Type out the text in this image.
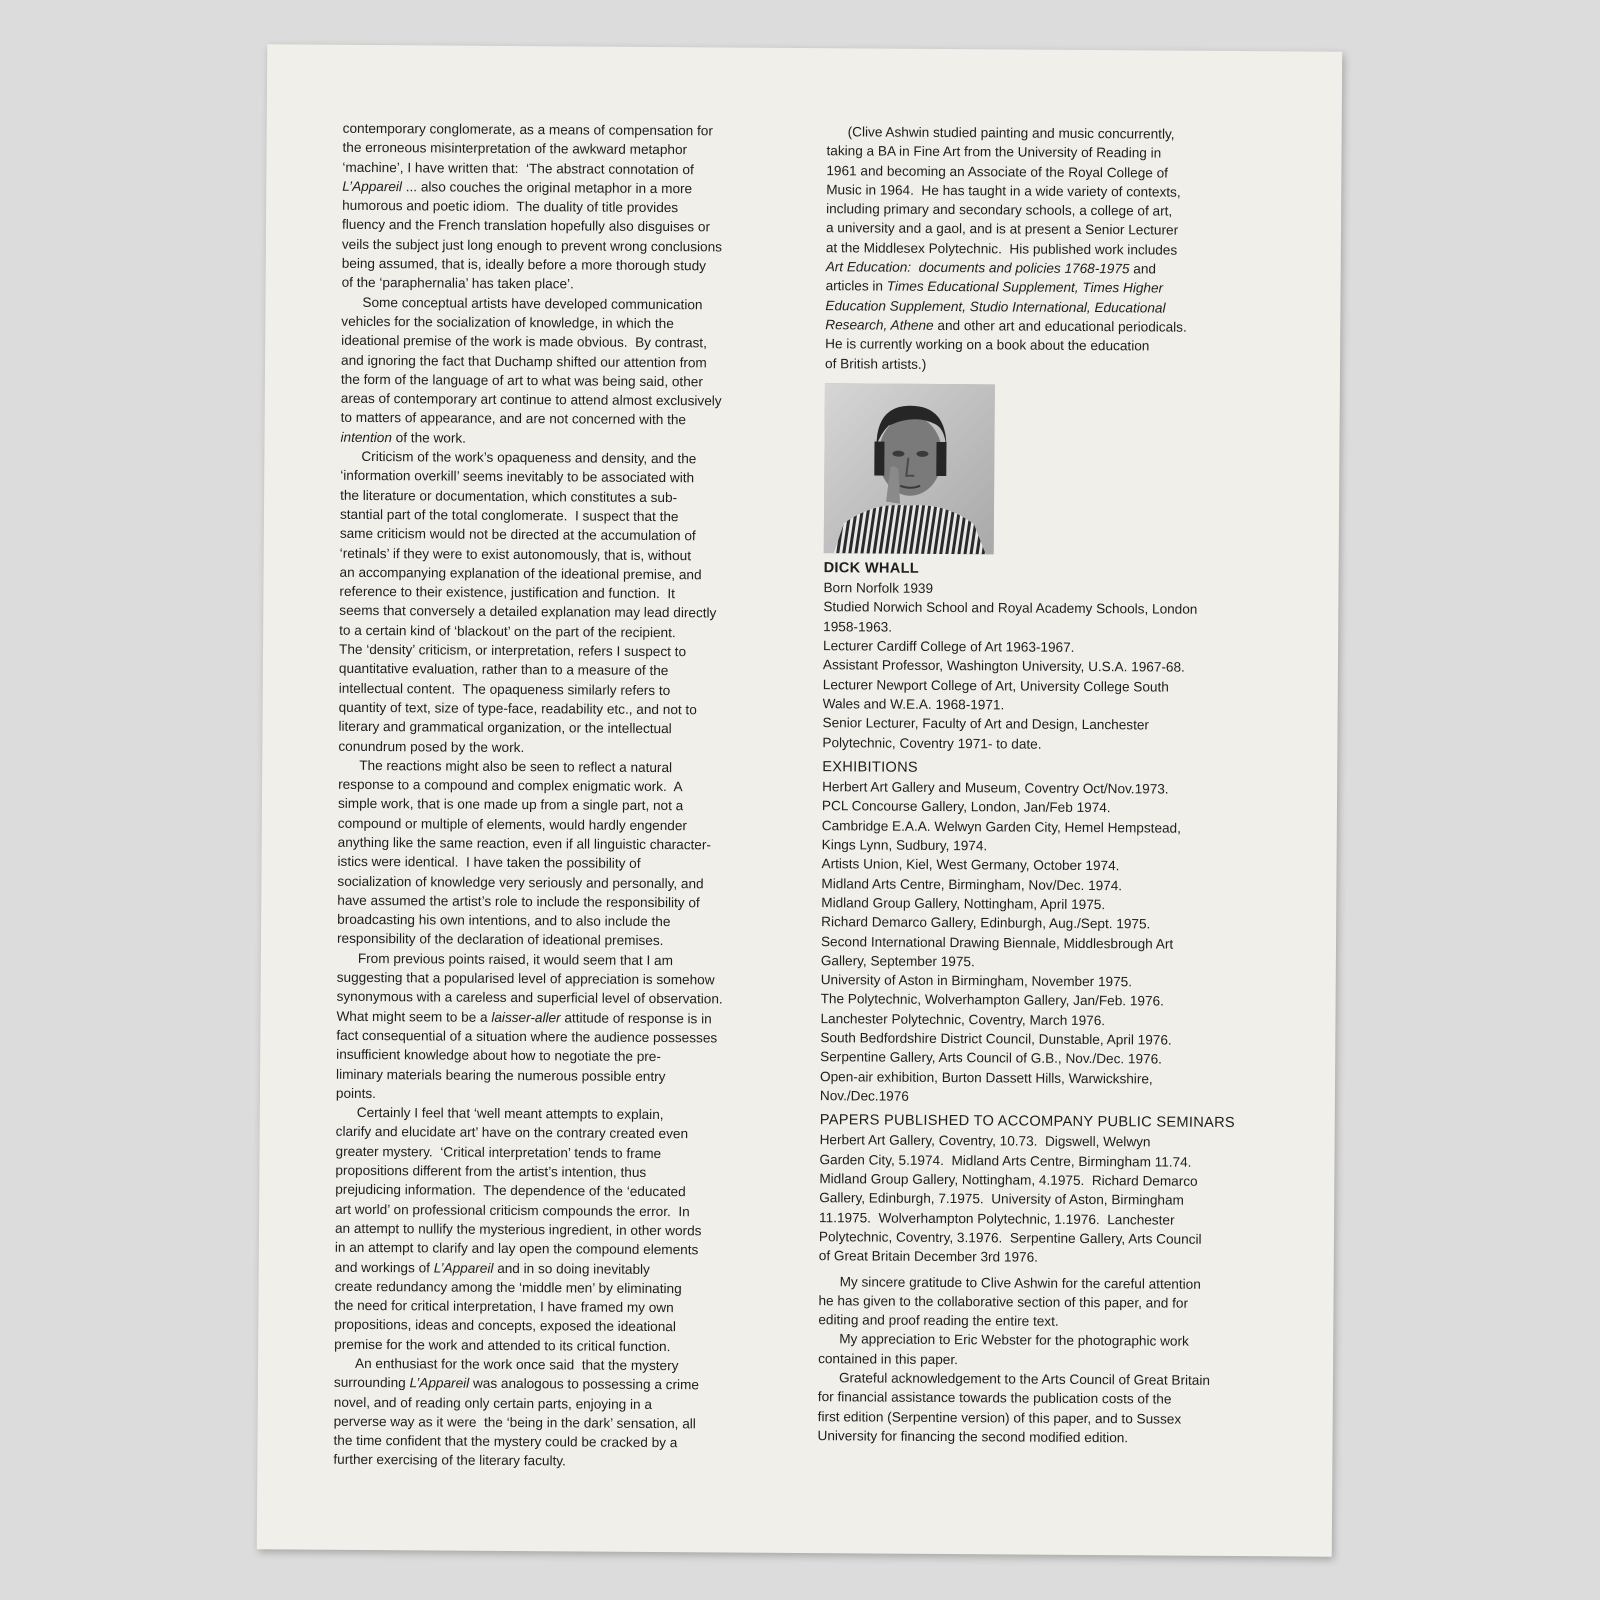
contemporary conglomerate, as a means of compensation for
the erroneous misinterpretation of the awkward metaphor
‘machine’, I have written that:  ‘The abstract connotation of
L’Appareil ... also couches the original metaphor in a more
humorous and poetic idiom.  The duality of title provides
fluency and the French translation hopefully also disguises or
veils the subject just long enough to prevent wrong conclusions
being assumed, that is, ideally before a more thorough study
of the ‘paraphernalia’ has taken place’.
Some conceptual artists have developed communication
vehicles for the socialization of knowledge, in which the
ideational premise of the work is made obvious.  By contrast,
and ignoring the fact that Duchamp shifted our attention from
the form of the language of art to what was being said, other
areas of contemporary art continue to attend almost exclusively
to matters of appearance, and are not concerned with the
intention of the work.
Criticism of the work’s opaqueness and density, and the
‘information overkill’ seems inevitably to be associated with
the literature or documentation, which constitutes a sub-
stantial part of the total conglomerate.  I suspect that the
same criticism would not be directed at the accumulation of
‘retinals’ if they were to exist autonomously, that is, without
an accompanying explanation of the ideational premise, and
reference to their existence, justification and function.  It
seems that conversely a detailed explanation may lead directly
to a certain kind of ‘blackout’ on the part of the recipient.
The ‘density’ criticism, or interpretation, refers I suspect to
quantitative evaluation, rather than to a measure of the
intellectual content.  The opaqueness similarly refers to
quantity of text, size of type-face, readability etc., and not to
literary and grammatical organization, or the intellectual
conundrum posed by the work.
The reactions might also be seen to reflect a natural
response to a compound and complex enigmatic work.  A
simple work, that is one made up from a single part, not a
compound or multiple of elements, would hardly engender
anything like the same reaction, even if all linguistic character-
istics were identical.  I have taken the possibility of
socialization of knowledge very seriously and personally, and
have assumed the artist’s role to include the responsibility of
broadcasting his own intentions, and to also include the
responsibility of the declaration of ideational premises.
From previous points raised, it would seem that I am
suggesting that a popularised level of appreciation is somehow
synonymous with a careless and superficial level of observation.
What might seem to be a laisser-aller attitude of response is in
fact consequential of a situation where the audience possesses
insufficient knowledge about how to negotiate the pre-
liminary materials bearing the numerous possible entry
points.
Certainly I feel that ‘well meant attempts to explain,
clarify and elucidate art’ have on the contrary created even
greater mystery.  ‘Critical interpretation’ tends to frame
propositions different from the artist’s intention, thus
prejudicing information.  The dependence of the ‘educated
art world’ on professional criticism compounds the error.  In
an attempt to nullify the mysterious ingredient, in other words
in an attempt to clarify and lay open the compound elements
and workings of L’Appareil and in so doing inevitably
create redundancy among the ‘middle men’ by eliminating
the need for critical interpretation, I have framed my own
propositions, ideas and concepts, exposed the ideational
premise for the work and attended to its critical function.
An enthusiast for the work once said  that the mystery
surrounding L’Appareil was analogous to possessing a crime
novel, and of reading only certain parts, enjoying in a
perverse way as it were  the ‘being in the dark’ sensation, all
the time confident that the mystery could be cracked by a
further exercising of the literary faculty.
(Clive Ashwin studied painting and music concurrently,
taking a BA in Fine Art from the University of Reading in
1961 and becoming an Associate of the Royal College of
Music in 1964.  He has taught in a wide variety of contexts,
including primary and secondary schools, a college of art,
a university and a gaol, and is at present a Senior Lecturer
at the Middlesex Polytechnic.  His published work includes
Art Education:  documents and policies 1768-1975 and
articles in Times Educational Supplement, Times Higher
Education Supplement, Studio International, Educational
Research, Athene and other art and educational periodicals.
He is currently working on a book about the education
of British artists.)
DICK WHALL
Born Norfolk 1939
Studied Norwich School and Royal Academy Schools, London
1958-1963.
Lecturer Cardiff College of Art 1963-1967.
Assistant Professor, Washington University, U.S.A. 1967-68.
Lecturer Newport College of Art, University College South
Wales and W.E.A. 1968-1971.
Senior Lecturer, Faculty of Art and Design, Lanchester
Polytechnic, Coventry 1971- to date.
EXHIBITIONS
Herbert Art Gallery and Museum, Coventry Oct/Nov.1973.
PCL Concourse Gallery, London, Jan/Feb 1974.
Cambridge E.A.A. Welwyn Garden City, Hemel Hempstead,
Kings Lynn, Sudbury, 1974.
Artists Union, Kiel, West Germany, October 1974.
Midland Arts Centre, Birmingham, Nov/Dec. 1974.
Midland Group Gallery, Nottingham, April 1975.
Richard Demarco Gallery, Edinburgh, Aug./Sept. 1975.
Second International Drawing Biennale, Middlesbrough Art
Gallery, September 1975.
University of Aston in Birmingham, November 1975.
The Polytechnic, Wolverhampton Gallery, Jan/Feb. 1976.
Lanchester Polytechnic, Coventry, March 1976.
South Bedfordshire District Council, Dunstable, April 1976.
Serpentine Gallery, Arts Council of G.B., Nov./Dec. 1976.
Open-air exhibition, Burton Dassett Hills, Warwickshire,
Nov./Dec.1976
PAPERS PUBLISHED TO ACCOMPANY PUBLIC SEMINARS
Herbert Art Gallery, Coventry, 10.73.  Digswell, Welwyn
Garden City, 5.1974.  Midland Arts Centre, Birmingham 11.74.
Midland Group Gallery, Nottingham, 4.1975.  Richard Demarco
Gallery, Edinburgh, 7.1975.  University of Aston, Birmingham
11.1975.  Wolverhampton Polytechnic, 1.1976.  Lanchester
Polytechnic, Coventry, 3.1976.  Serpentine Gallery, Arts Council
of Great Britain December 3rd 1976.
My sincere gratitude to Clive Ashwin for the careful attention
he has given to the collaborative section of this paper, and for
editing and proof reading the entire text.
My appreciation to Eric Webster for the photographic work
contained in this paper.
Grateful acknowledgement to the Arts Council of Great Britain
for financial assistance towards the publication costs of the
first edition (Serpentine version) of this paper, and to Sussex
University for financing the second modified edition.
